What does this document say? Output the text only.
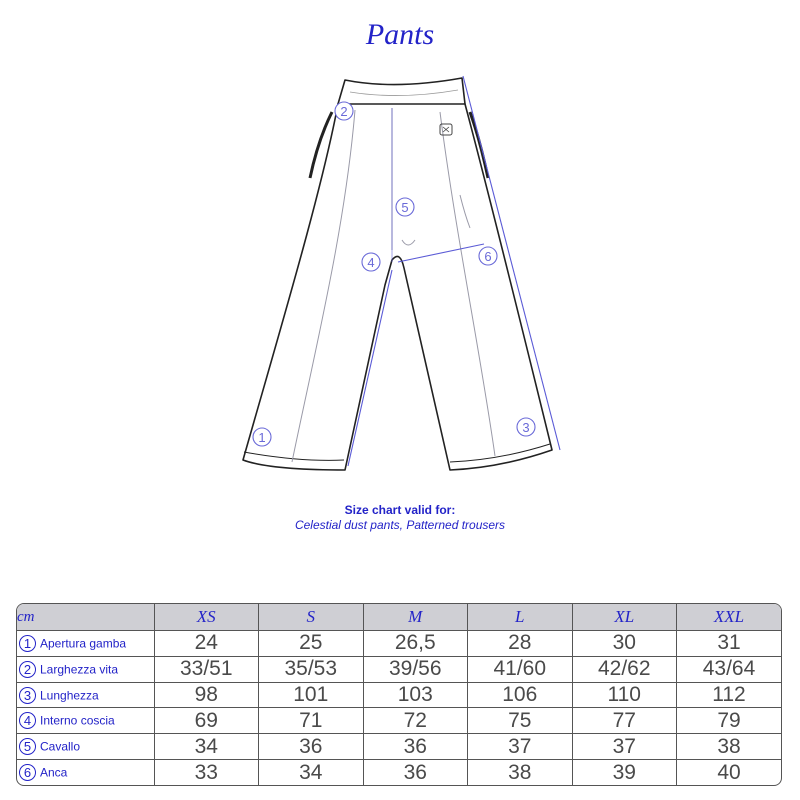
Pants
1
2
3
4
5
6
Size chart valid for:
Celestial dust pants, Patterned trousers
cm	XS	S	M	L	XL	XXL
1 Apertura gamba	24	25	26,5	28	30	31
2 Larghezza vita	33/51	35/53	39/56	41/60	42/62	43/64
3 Lunghezza	98	101	103	106	110	112
4 Interno coscia	69	71	72	75	77	79
5 Cavallo	34	36	36	37	37	38
6 Anca	33	34	36	38	39	40
